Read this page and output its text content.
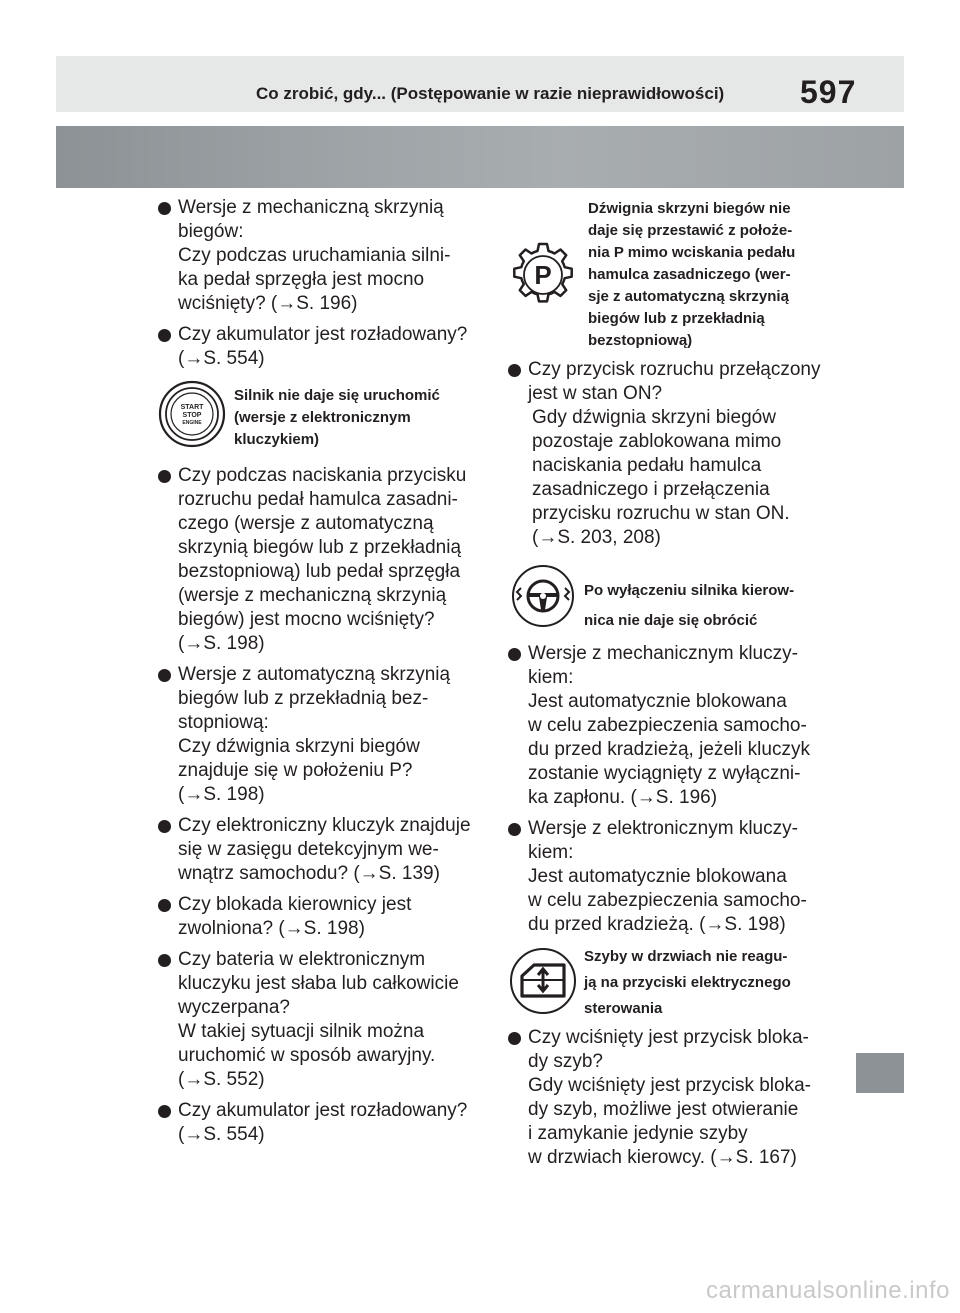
Co zrobić, gdy... (Postępowanie w razie nieprawidłowości) 597
Wersje z mechaniczną skrzynią
biegów:
Czy podczas uruchamiania silni-
ka pedał sprzęgła jest mocno
wciśnięty? (→S. 196)
Czy akumulator jest rozładowany?
(→S. 554)
START
STOP
ENGINE
Silnik nie daje się uruchomić
(wersje z elektronicznym
kluczykiem)
Czy podczas naciskania przycisku
rozruchu pedał hamulca zasadni-
czego (wersje z automatyczną
skrzynią biegów lub z przekładnią
bezstopniową) lub pedał sprzęgła
(wersje z mechaniczną skrzynią
biegów) jest mocno wciśnięty?
(→S. 198)
Wersje z automatyczną skrzynią
biegów lub z przekładnią bez-
stopniową:
Czy dźwignia skrzyni biegów
znajduje się w położeniu P?
(→S. 198)
Czy elektroniczny kluczyk znajduje
się w zasięgu detekcyjnym we-
wnątrz samochodu? (→S. 139)
Czy blokada kierownicy jest
zwolniona? (→S. 198)
Czy bateria w elektronicznym
kluczyku jest słaba lub całkowicie
wyczerpana?
W takiej sytuacji silnik można
uruchomić w sposób awaryjny.
(→S. 552)
Czy akumulator jest rozładowany?
(→S. 554)
P
Dźwignia skrzyni biegów nie
daje się przestawić z położe-
nia P mimo wciskania pedału
hamulca zasadniczego (wer-
sje z automatyczną skrzynią
biegów lub z przekładnią
bezstopniową)
Czy przycisk rozruchu przełączony
jest w stan ON?
Gdy dźwignia skrzyni biegów
pozostaje zablokowana mimo
naciskania pedału hamulca
zasadniczego i przełączenia
przycisku rozruchu w stan ON.
(→S. 203, 208)
Po wyłączeniu silnika kierow-
nica nie daje się obrócić
Wersje z mechanicznym kluczy-
kiem:
Jest automatycznie blokowana
w celu zabezpieczenia samocho-
du przed kradzieżą, jeżeli kluczyk
zostanie wyciągnięty z wyłączni-
ka zapłonu. (→S. 196)
Wersje z elektronicznym kluczy-
kiem:
Jest automatycznie blokowana
w celu zabezpieczenia samocho-
du przed kradzieżą. (→S. 198)
Szyby w drzwiach nie reagu-
ją na przyciski elektrycznego
sterowania
Czy wciśnięty jest przycisk bloka-
dy szyb?
Gdy wciśnięty jest przycisk bloka-
dy szyb, możliwe jest otwieranie
i zamykanie jedynie szyby
w drzwiach kierowcy. (→S. 167)
carmanualsonline.info
